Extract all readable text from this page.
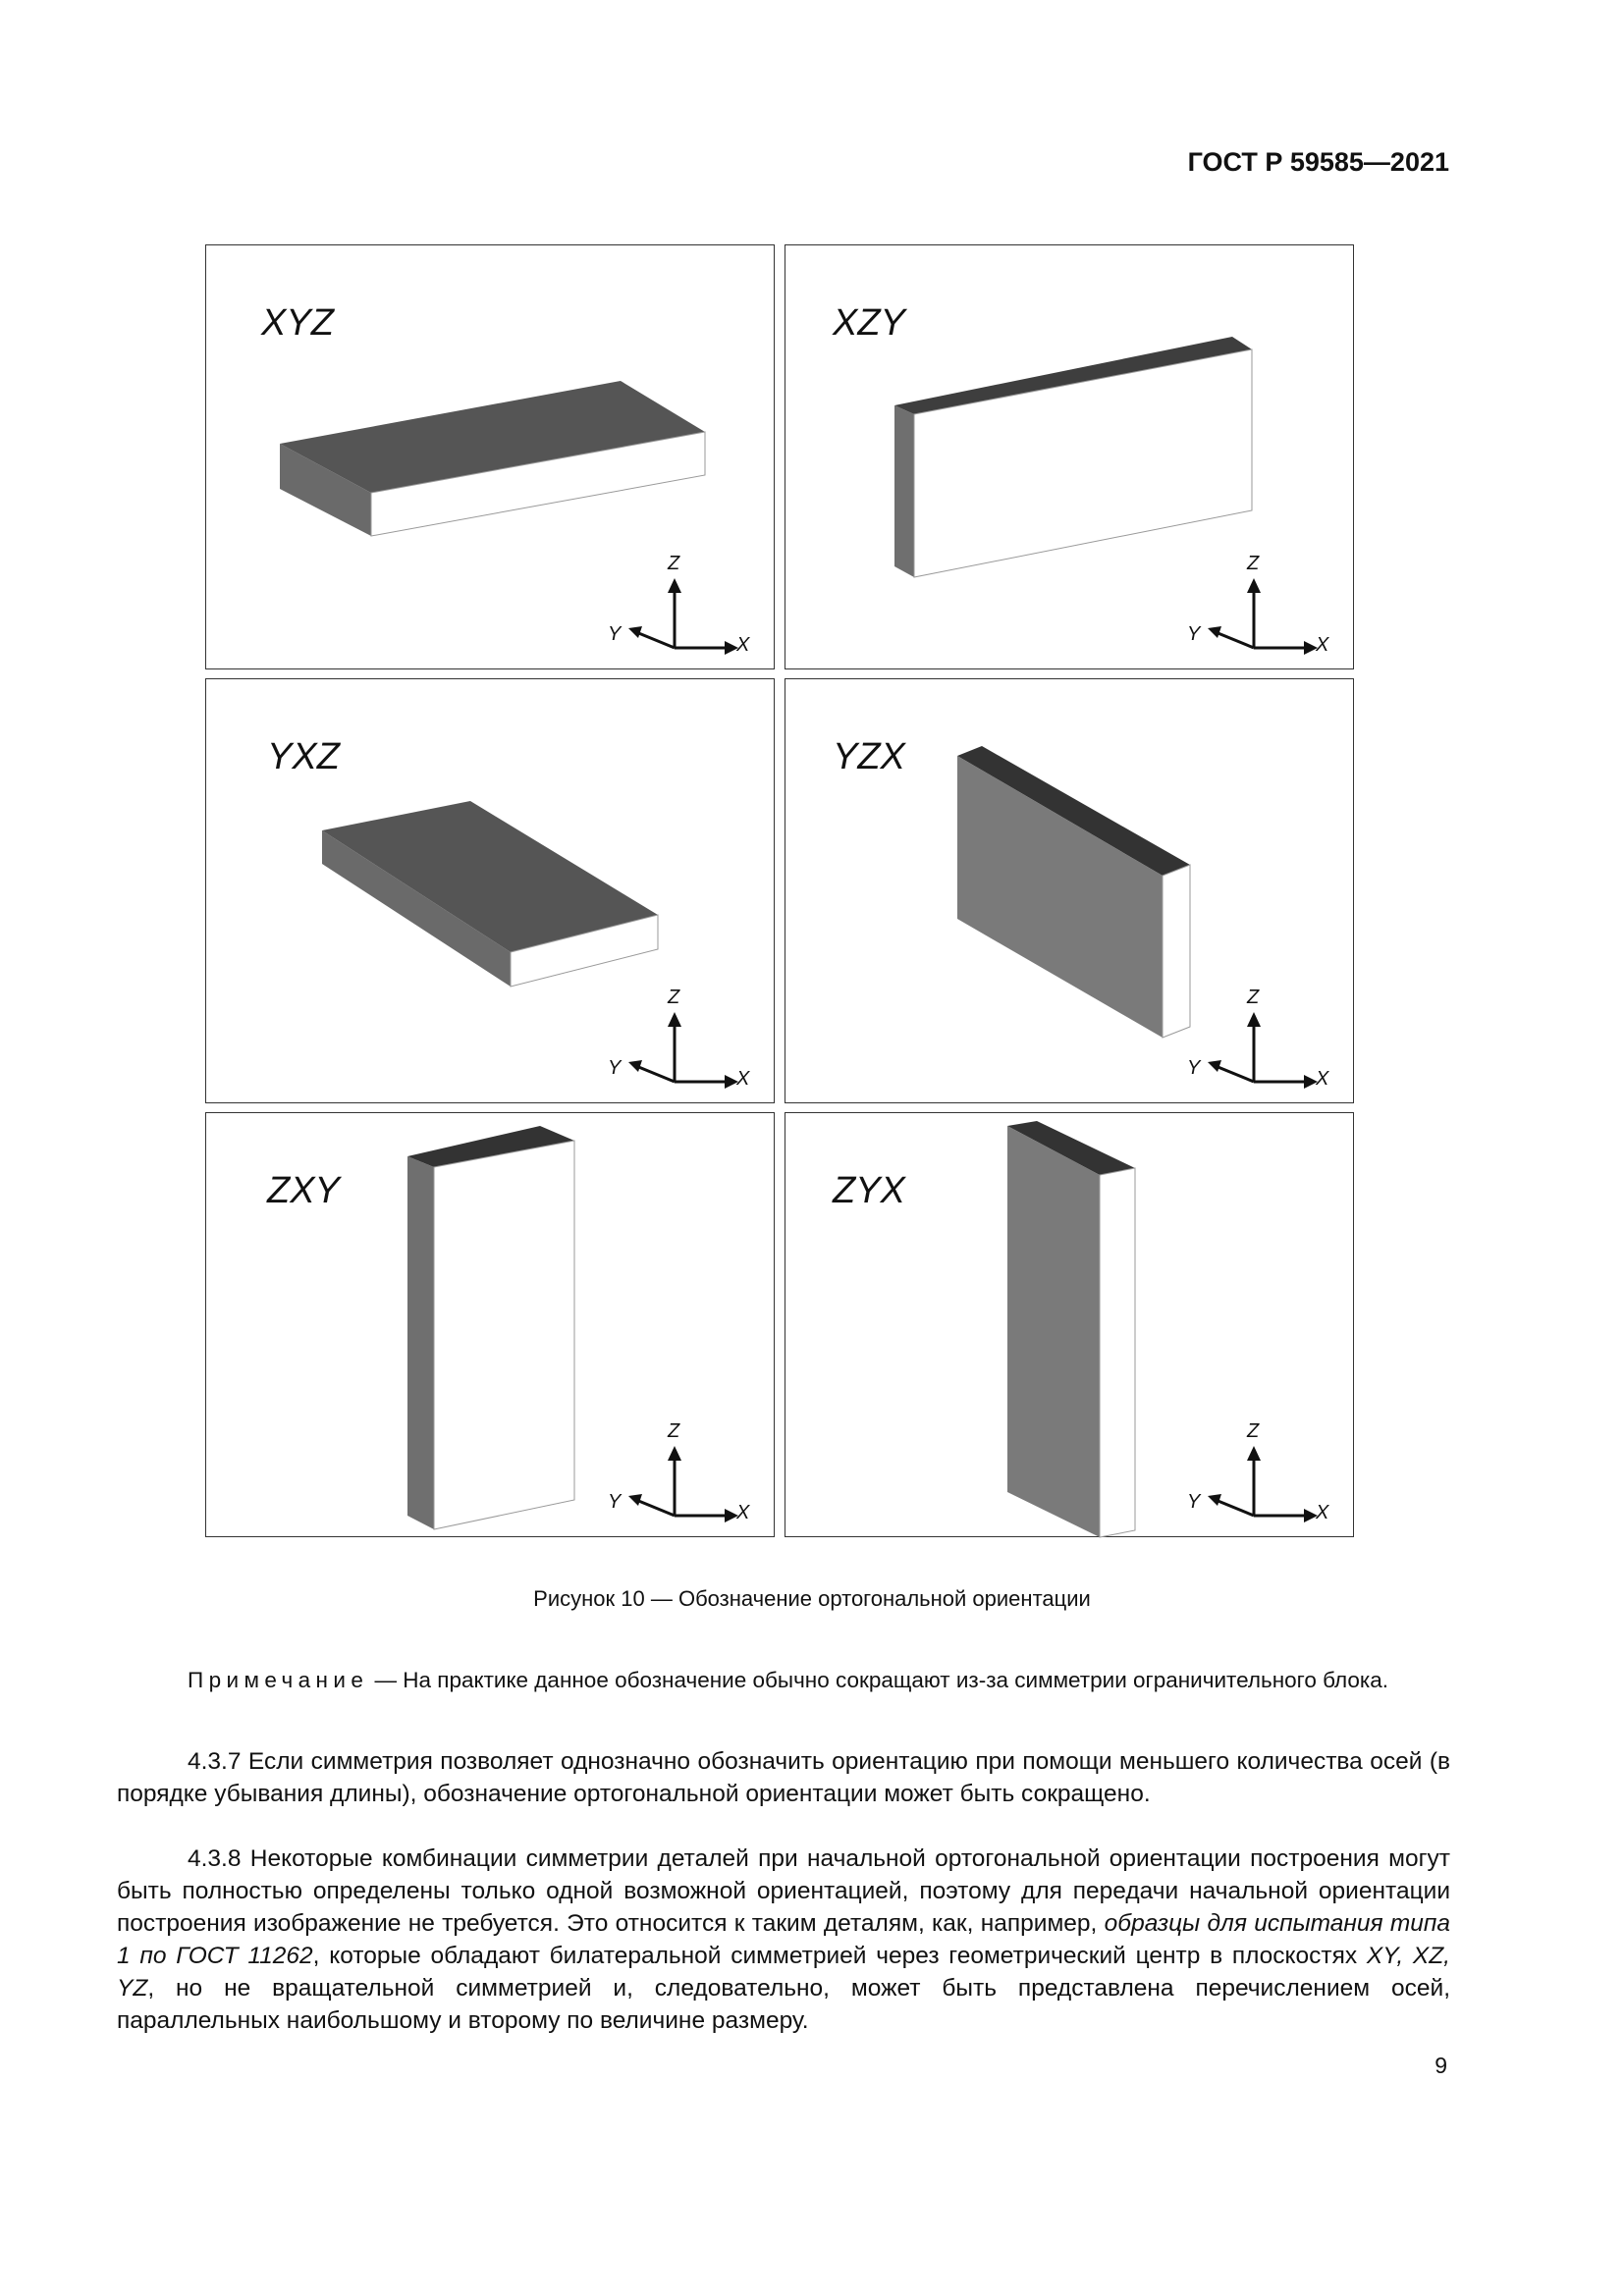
ГОСТ Р 59585—2021
XYZ
Z
Y	X
XZY
Z
Y	X
YXZ
Z
Y	X
YZX
Z
Y	X
ZXY
Z
Y	X
ZYX
Z
Y	X
Рисунок 10 — Обозначение ортогональной ориентации
Примечание — На практике данное обозначение обычно сокращают из-за симметрии ограничительного блока.
4.3.7 Если симметрия позволяет однозначно обозначить ориентацию при помощи меньшего количества осей (в порядке убывания длины), обозначение ортогональной ориентации может быть сокращено.
4.3.8 Некоторые комбинации симметрии деталей при начальной ортогональной ориентации построения могут быть полностью определены только одной возможной ориентацией, поэтому для передачи начальной ориентации построения изображение не требуется. Это относится к таким деталям, как, например, образцы для испытания типа 1 по ГОСТ 11262, которые обладают билатеральной симметрией через геометрический центр в плоскостях XY, XZ, YZ, но не вращательной симметрией и, следовательно, может быть представлена перечислением осей, параллельных наибольшому и второму по величине размеру.
9
